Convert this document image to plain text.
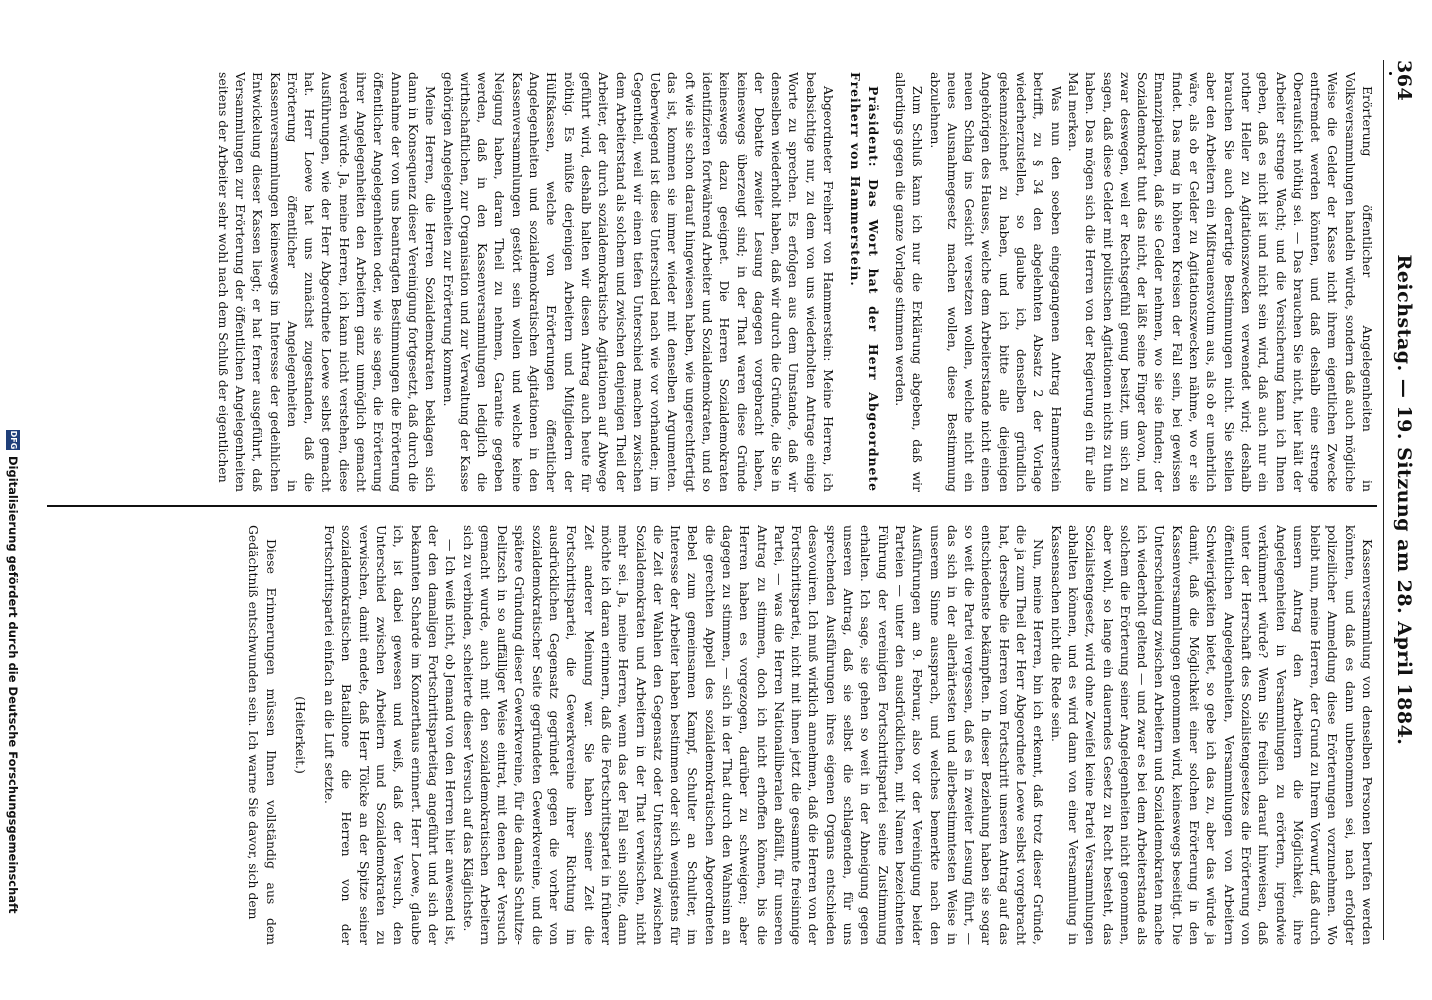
364
Reichstag. — 19. Sitzung am 28. April 1884.

Erörterung öffentlicher Angelegenheiten in Volksversammlungen handeln würde, sondern daß auch mögliche Weise die Gelder der Kasse nicht ihrem eigentlichen Zwecke entfremdet werden könnten, und daß deshalb eine strenge Oberaufsicht nöthig sei. — Das brauchen Sie nicht, hier hält der Arbeiter strenge Wacht; und die Versicherung kann ich Ihnen geben, daß es nicht ist und nicht sein wird, daß auch nur ein rother Heller zu Agitationszwecken verwendet wird; deshalb brauchen Sie auch derartige Bestimmungen nicht. Sie stellen aber den Arbeitern ein Mißtrauensvotum aus, als ob er unehrlich wäre, als ob er Gelder zu Agitationszwecken nähme, wo er sie findet. Das mag in höheren Kreisen der Fall sein, bei gewissen Emanzipationen, daß sie Gelder nehmen, wo sie sie finden; der Sozialdemokrat thut das nicht, der läßt seine Finger davon, und zwar deswegen, weil er Rechtsgefühl genug besitzt, um sich zu sagen, daß diese Gelder mit politischen Agitationen nichts zu thun haben. Das mögen sich die Herren von der Regierung ein für alle Mal merken.

Was nun den soeben eingegangenen Antrag Hammerstein betrifft, zu § 34 den abgelehnten Absatz 2 der Vorlage wiederherzustellen, so glaube ich, denselben gründlich gekennzeichnet zu haben, und ich bitte alle diejenigen Angehörigen des Hauses, welche dem Arbeiterstande nicht einen neuen Schlag ins Gesicht versetzen wollen, welche nicht ein neues Ausnahmegesetz machen wollen, diese Bestimmung abzulehnen.

Zum Schluß kann ich nur die Erklärung abgeben, daß wir allerdings gegen die ganze Vorlage stimmen werden.

Präsident: Das Wort hat der Herr Abgeordnete Freiherr von Hammerstein.

Abgeordneter Freiherr von Hammerstein: Meine Herren, ich beabsichtige nur, zu dem von uns wiederholten Antrage einige Worte zu sprechen. Es erfolgen aus dem Umstande, daß wir denselben wiederholt haben, daß wir durch die Gründe, die Sie in der Debatte zweiter Lesung dagegen vorgebracht haben, keineswegs überzeugt sind; in der That waren diese Gründe keineswegs dazu geeignet. Die Herren Sozialdemokraten identifizieren fortwährend Arbeiter und Sozialdemokraten, und so oft wie sie schon darauf hingewiesen haben, wie ungerechtfertigt das ist, kommen sie immer wieder mit denselben Argumenten. Ueberwiegend ist diese Unterschied nach wie vor vorhanden; im Gegentheil, weil wir einen tiefen Unterschied machen zwischen dem Arbeiterstand als solchem und zwischen denjenigen Theil der Arbeiter, der durch sozialdemokratische Agitationen auf Abwege geführt wird, deshalb halten wir diesen Antrag auch heute für nöthig. Es müßte derjenigen Arbeitern und Mitgliedern der Hülfskassen, welche von Erörterungen öffentlicher Angelegenheiten und sozialdemokratischen Agitationen in den Kassenversammlungen gestört sein wollen und welche keine Neigung haben, daran Theil zu nehmen, Garantie gegeben werden, daß in den Kassenversammlungen lediglich die wirthschaftlichen, zur Organisation und zur Verwaltung der Kasse gehörigen Angelegenheiten zur Erörterung kommen.

Meine Herren, die Herren Sozialdemokraten beklagen sich dann in Konsequenz dieser Vereinigung fortgesetzt, daß durch die Annahme der von uns beantragten Bestimmungen die Erörterung öffentlicher Angelegenheiten oder, wie sie sagen, die Erörterung ihrer Angelegenheiten den Arbeitern ganz unmöglich gemacht werden würde. Ja, meine Herren, ich kann nicht verstehen, diese Ausführungen, wie der Herr Abgeordnete Loewe selbst gemacht hat. Herr Loewe hat uns zunächst zugestanden, daß die Erörterung öffentlicher Angelegenheiten in Kassenversammlungen keineswegs im Interesse der gedeihlichen Entwickelung dieser Kassen liegt; er hat ferner ausgeführt, daß Versammlungen zur Erörterung der öffentlichen Angelegenheiten seitens der Arbeiter sehr wohl nach dem Schluß der eigentlichen

Kassenversammlung von denselben Personen berufen werden könnten, und daß es dann unbenommen sei, nach erfolgter polizeilicher Anmeldung diese Erörterungen vorzunehmen. Wo bleibt nun, meine Herren, der Grund zu Ihrem Vorwurf, daß durch unsern Antrag den Arbeitern die Möglichkeit, ihre Angelegenheiten in Versammlungen zu erörtern, irgendwie verkümmert würde? Wenn Sie freilich darauf hinweisen, daß unter der Herrschaft des Sozialistengesetzes die Erörterung von öffentlichen Angelegenheiten, Versammlungen von Arbeitern Schwierigkeiten bietet, so gebe ich das zu, aber das würde ja damit, daß die Möglichkeit einer solchen Erörterung in den Kassenversammlungen genommen wird, keineswegs beseitigt. Die Unterscheidung zwischen Arbeitern und Sozialdemokraten mache ich wiederholt geltend — und zwar es bei dem Arbeiterstande als solchem die Erörterung seiner Angelegenheiten nicht genommen, aber wohl, so lange ein dauerndes Gesetz zu Recht besteht, das Sozialistengesetz, wird ohne Zweifel keine Partei Versammlungen abhalten können, und es wird dann von einer Versammlung in Kassensachen nicht die Rede sein.

Nun, meine Herren, bin ich erkennt, daß trotz dieser Gründe, die ja zum Theil der Herr Abgeordnete Loewe selbst vorgebracht hat, derselbe die Herren vom Fortschritt unseren Antrag auf das entschiedenste bekämpften. In dieser Beziehung haben sie sogar so weit die Partei vergessen, daß es in zweiter Lesung führt, — das sich in der allerhärtesten und allerbestimmtesten Weise in unserem Sinne aussprach, und welches bemerkte nach den Ausführungen am 9. Februar, also vor der Vereinigung beider Parteien — unter den ausdrücklichen, mit Namen bezeichneten Führung der vereinigten Fortschrittspartei seine Zustimmung erhalten. Ich sage, sie gehen so weit in der Abneigung gegen unseren Antrag, daß sie selbst die schlagenden, für uns sprechenden Ausführungen ihres eigenen Organs entschieden desavouiren. Ich muß wirklich annehmen, daß die Herren von der Fortschrittspartei, nicht mit ihnen jetzt die gesammte freisinnige Partei, — was die Herren Nationalliberalen abfällt, für unseren Antrag zu stimmen, doch ich nicht erhoffen können, bis die Herren haben es vorgezogen, darüber zu schweigen; aber dagegen zu stimmen, — sich in der That durch den Wahnsinn an die gerechten Appell des sozialdemokratischen Abgeordneten Bebel zum gemeinsamen Kampf, Schulter an Schulter, im Interesse der Arbeiter haben bestimmen oder sich wenigstens für die Zeit der Wahlen den Gegensatz oder Unterschied zwischen Sozialdemokraten und Arbeitern in der That verwischen, nicht mehr sei. Ja, meine Herren, wenn das der Fall sein sollte, dann möchte ich daran erinnern, daß die Fortschrittspartei in früherer Zeit anderer Meinung war. Sie haben seiner Zeit die Fortschrittspartei, die Gewerkvereine ihrer Richtung im ausdrücklichen Gegensatz gegründet gegen die vorher von sozialdemokratischer Seite gegründeten Gewerkvereine, und die spätere Gründung dieser Gewerkvereine, für die damals Schultze-Delitzsch in so auffälliger Weise eintrat, mit denen der Versuch gemacht wurde, auch mit den sozialdemokratischen Arbeitern sich zu verbinden, scheiterte dieser Versuch auf das Kläglichste.

— Ich weiß nicht, ob Jemand von den Herren hier anwesend ist, der den damaligen Fortschrittsparteitag angeführt und sich der bekannten Scharde im Konzerthaus erinnert. Herr Loewe, glaube ich, ist dabei gewesen und weiß, daß der Versuch, den Unterschied zwischen Arbeitern und Sozialdemokraten zu verwischen, damit endete, daß Herr Tölcke an der Spitze seiner sozialdemokratischen Bataillone die Herren von der Fortschrittspartei einfach an die Luft setzte.

(Heiterkeit.)

Diese Erinnerungen müssen Ihnen vollständig aus dem Gedächtniß entschwunden sein. Ich warne Sie davor, sich dem

DFG
Digitalisierung gefördert durch die Deutsche Forschungsgemeinschaft
